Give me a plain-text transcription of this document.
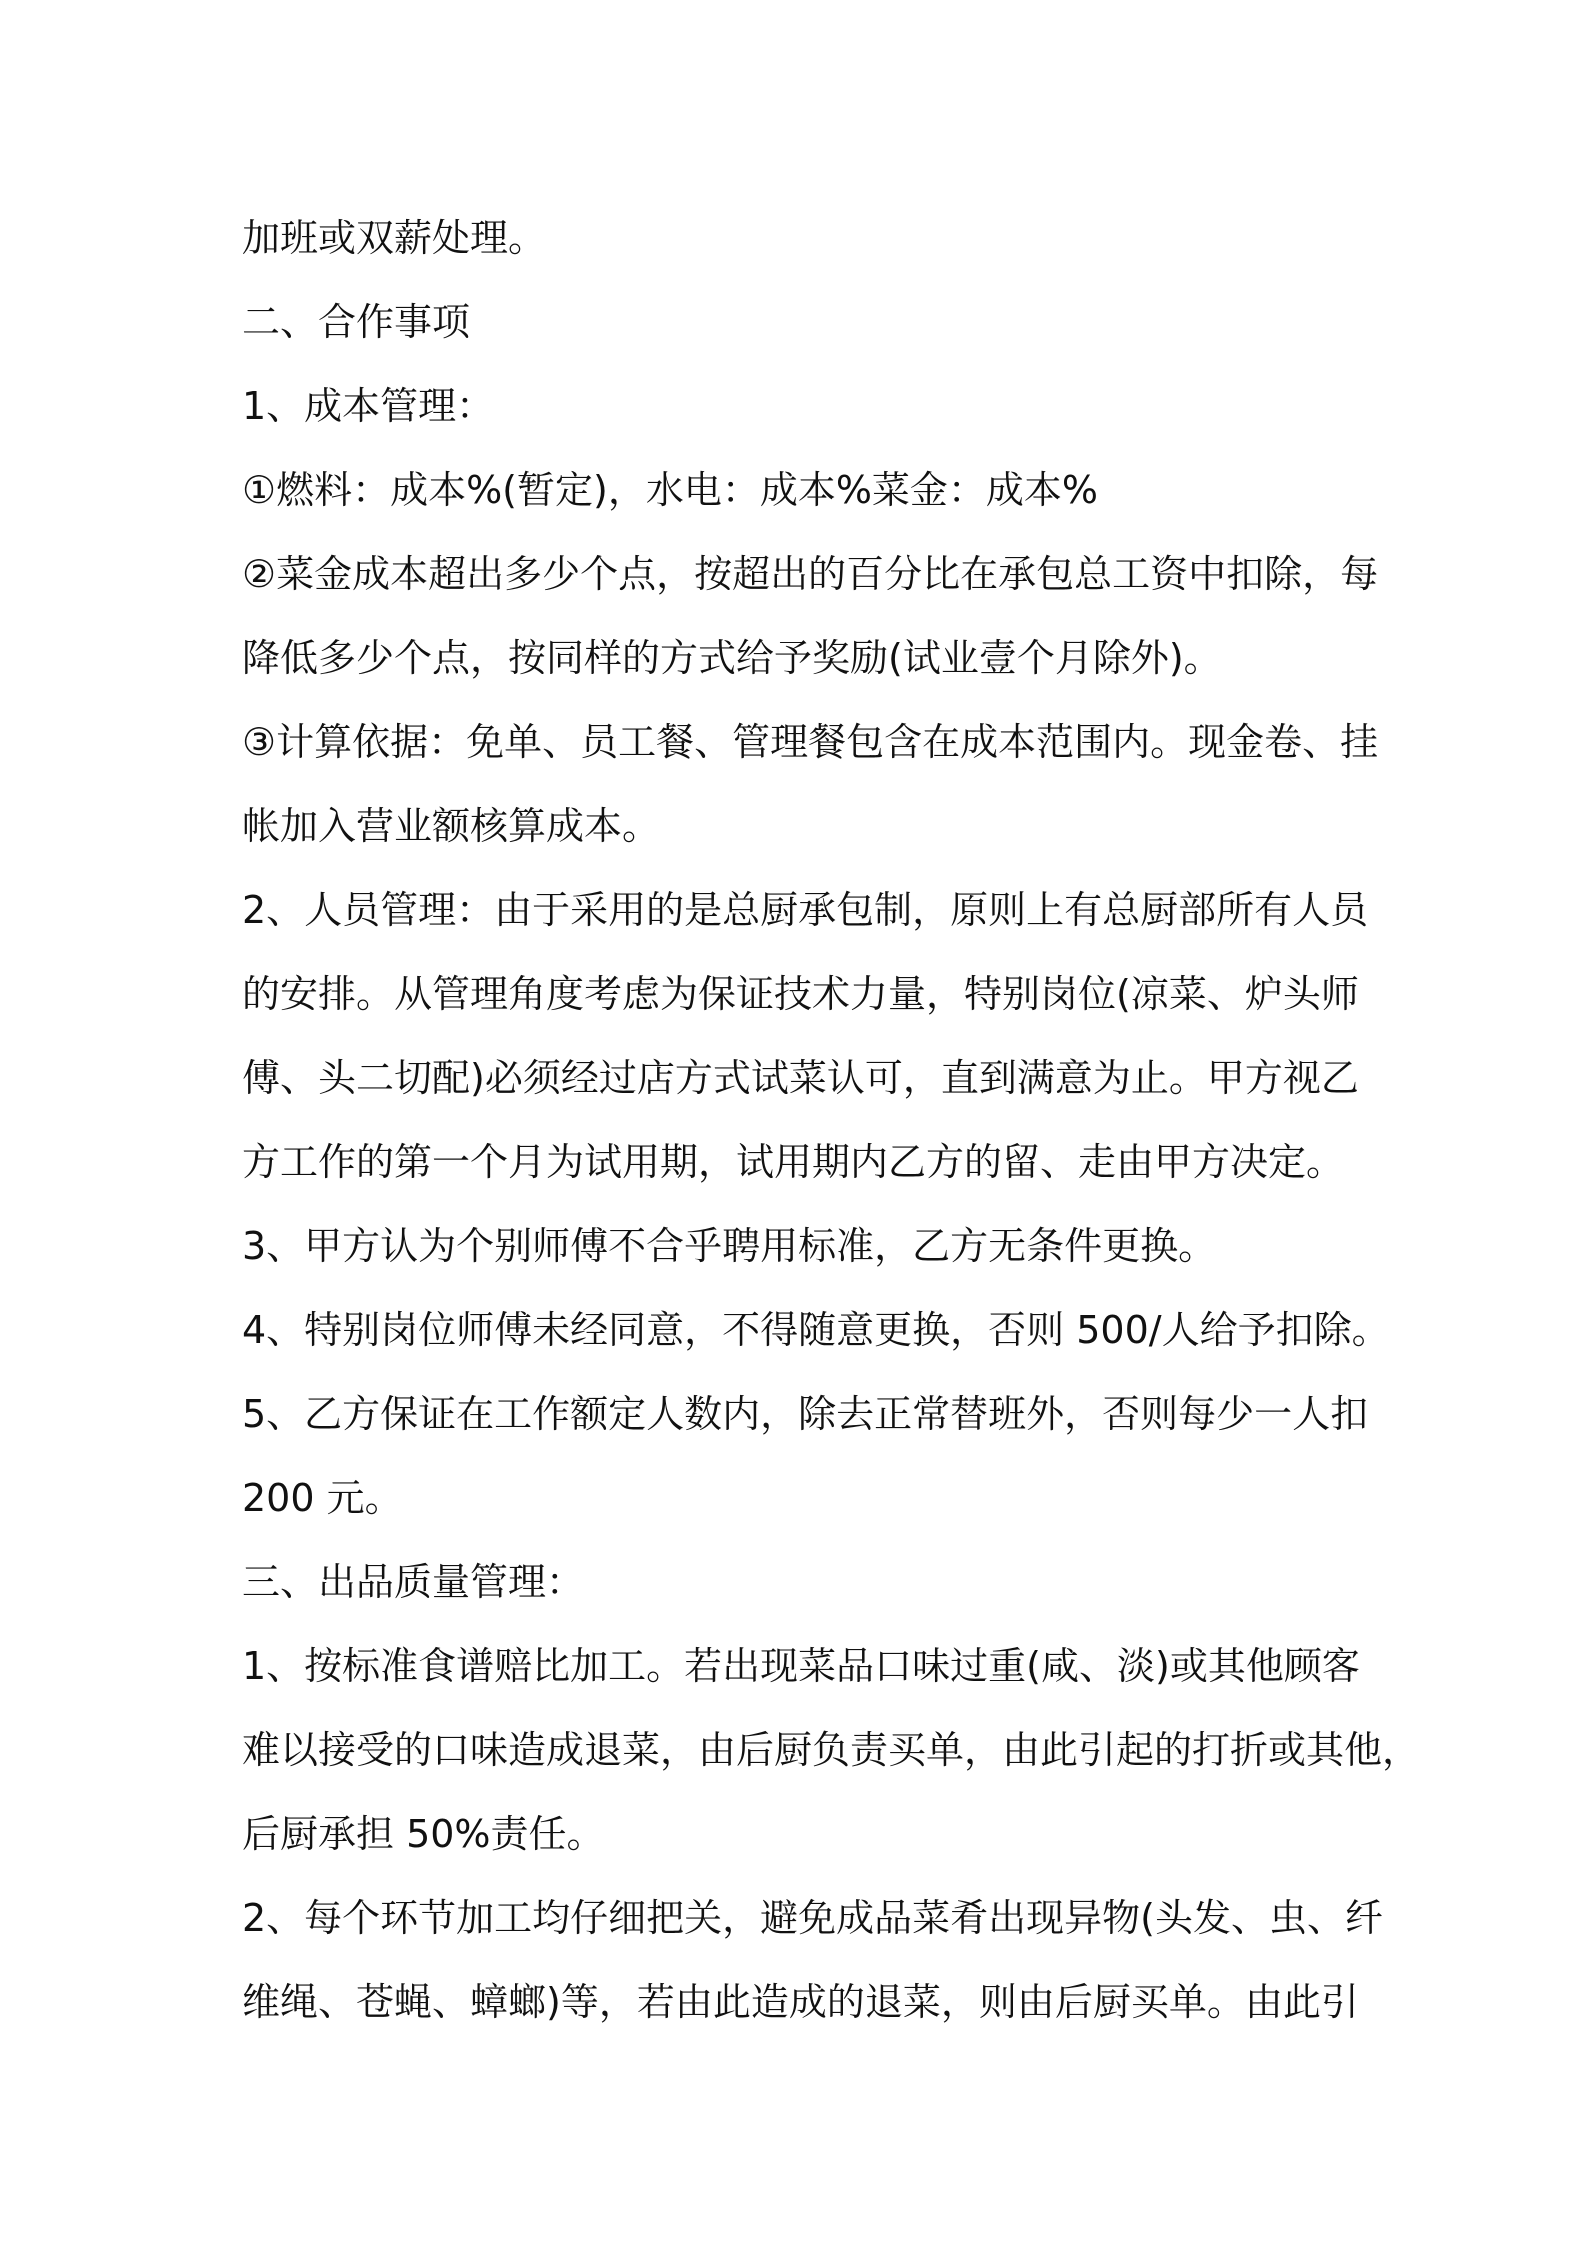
加班或双薪处理。
二、合作事项
1、成本管理：
①燃料：成本%(暂定)，水电：成本%菜金：成本%
②菜金成本超出多少个点，按超出的百分比在承包总工资中扣除，每
降低多少个点，按同样的方式给予奖励(试业壹个月除外)。
③计算依据：免单、员工餐、管理餐包含在成本范围内。现金卷、挂
帐加入营业额核算成本。
2、人员管理：由于采用的是总厨承包制，原则上有总厨部所有人员
的安排。从管理角度考虑为保证技术力量，特别岗位(凉菜、炉头师
傅、头二切配)必须经过店方式试菜认可，直到满意为止。甲方视乙
方工作的第一个月为试用期，试用期内乙方的留、走由甲方决定。
3、甲方认为个别师傅不合乎聘用标准，乙方无条件更换。
4、特别岗位师傅未经同意，不得随意更换，否则 500/人给予扣除。
5、乙方保证在工作额定人数内，除去正常替班外，否则每少一人扣
200 元。
三、出品质量管理：
1、按标准食谱赔比加工。若出现菜品口味过重(咸、淡)或其他顾客
难以接受的口味造成退菜，由后厨负责买单，由此引起的打折或其他，
后厨承担 50%责任。
2、每个环节加工均仔细把关，避免成品菜肴出现异物(头发、虫、纤
维绳、苍蝇、蟑螂)等，若由此造成的退菜，则由后厨买单。由此引
